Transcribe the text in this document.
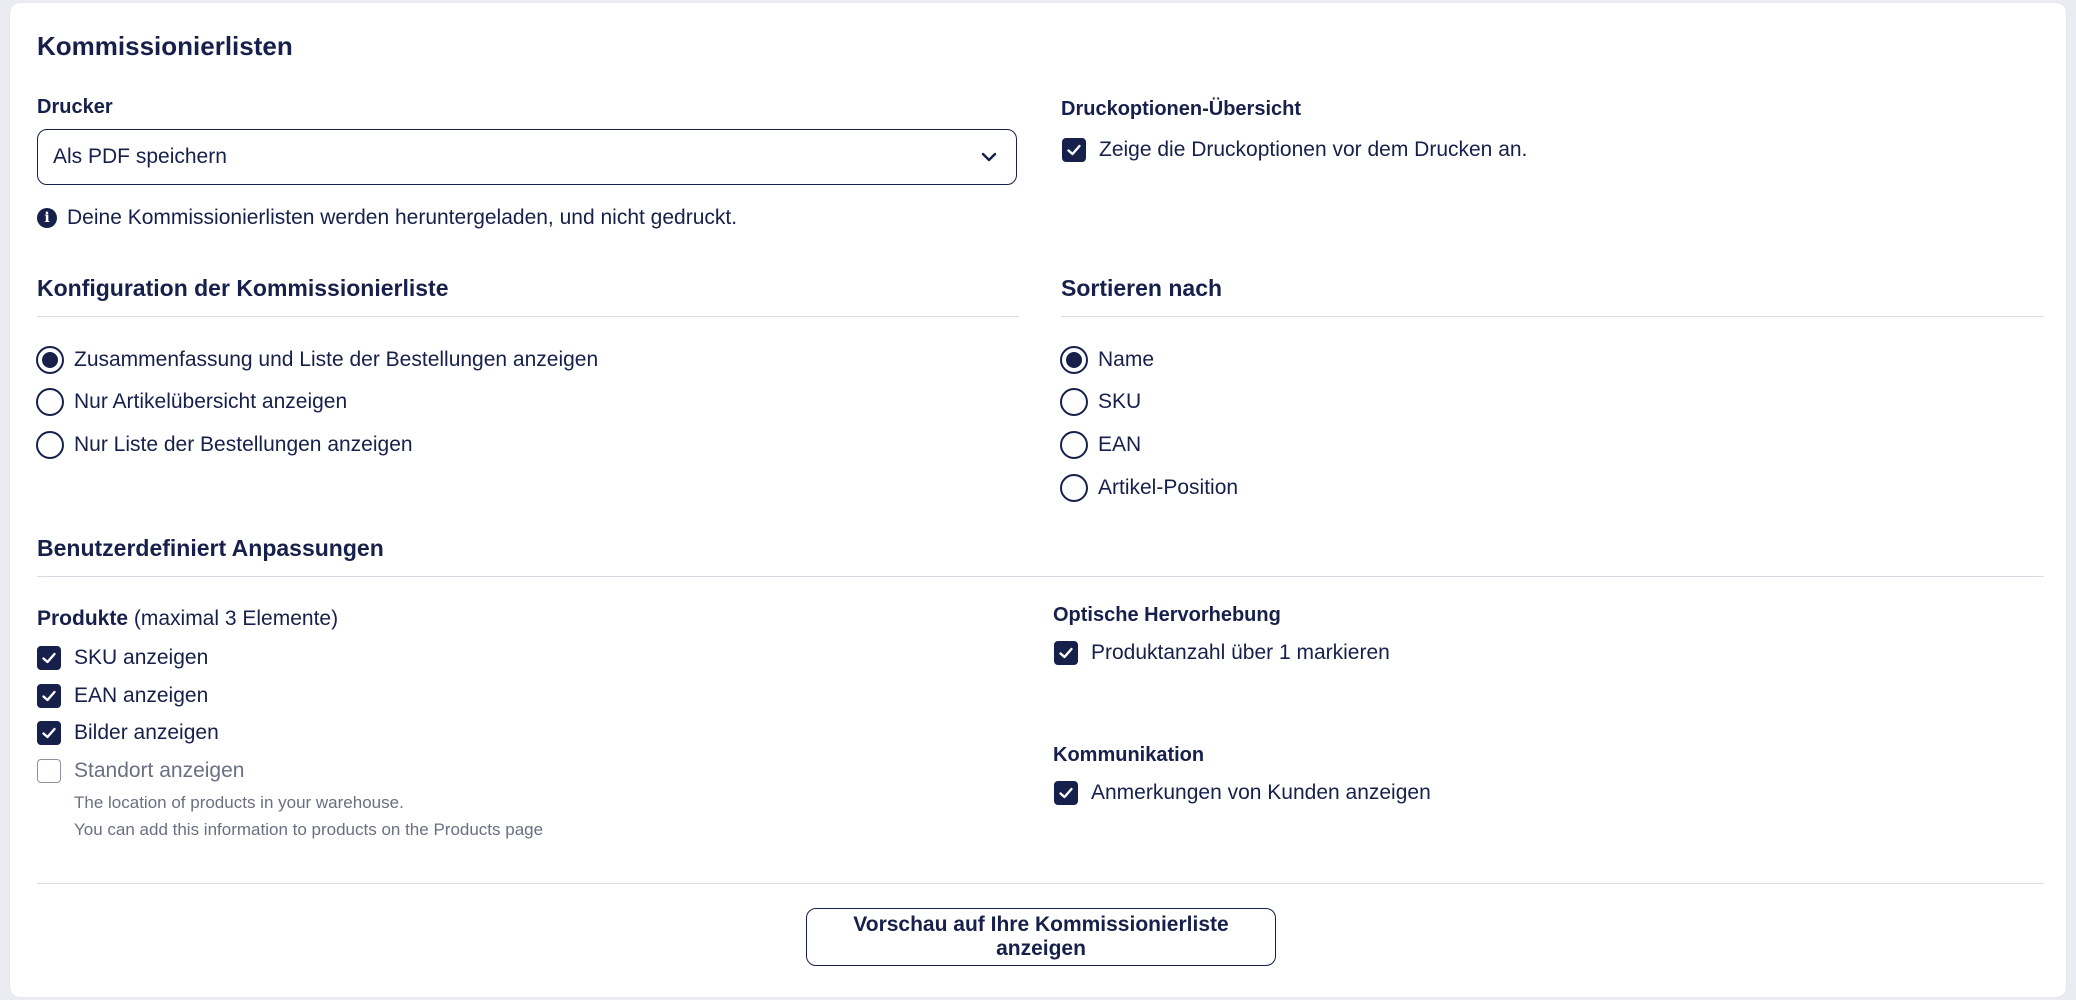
Kommissionierlisten
Drucker
Als PDF speichern
i Deine Kommissionierlisten werden heruntergeladen, und nicht gedruckt.
Druckoptionen-Übersicht
Zeige die Druckoptionen vor dem Drucken an.
Konfiguration der Kommissionierliste
Zusammenfassung und Liste der Bestellungen anzeigen
Nur Artikelübersicht anzeigen
Nur Liste der Bestellungen anzeigen
Sortieren nach
Name
SKU
EAN
Artikel-Position
Benutzerdefiniert Anpassungen
Produkte (maximal 3 Elemente)
SKU anzeigen
EAN anzeigen
Bilder anzeigen
Standort anzeigen
The location of products in your warehouse.
You can add this information to products on the Products page
Optische Hervorhebung
Produktanzahl über 1 markieren
Kommunikation
Anmerkungen von Kunden anzeigen
Vorschau auf Ihre Kommissionierliste anzeigen
